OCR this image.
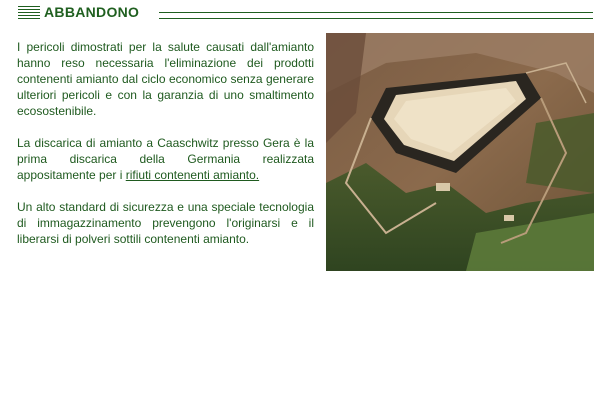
ABBANDONO

I pericoli dimostrati per la salute causati dall'amianto hanno reso necessaria l'eliminazione dei prodotti contenenti amianto dal ciclo economico senza generare ulteriori pericoli e con la garanzia di uno smaltimento ecosostenibile.

La discarica di amianto a Caaschwitz presso Gera è la prima discarica della Germania realizzata appositamente per i rifiuti contenenti amianto.

Un alto standard di sicurezza e una speciale tecnologia di immagazzinamento prevengono l'originarsi e il liberarsi di polveri sottili contenenti amianto.
